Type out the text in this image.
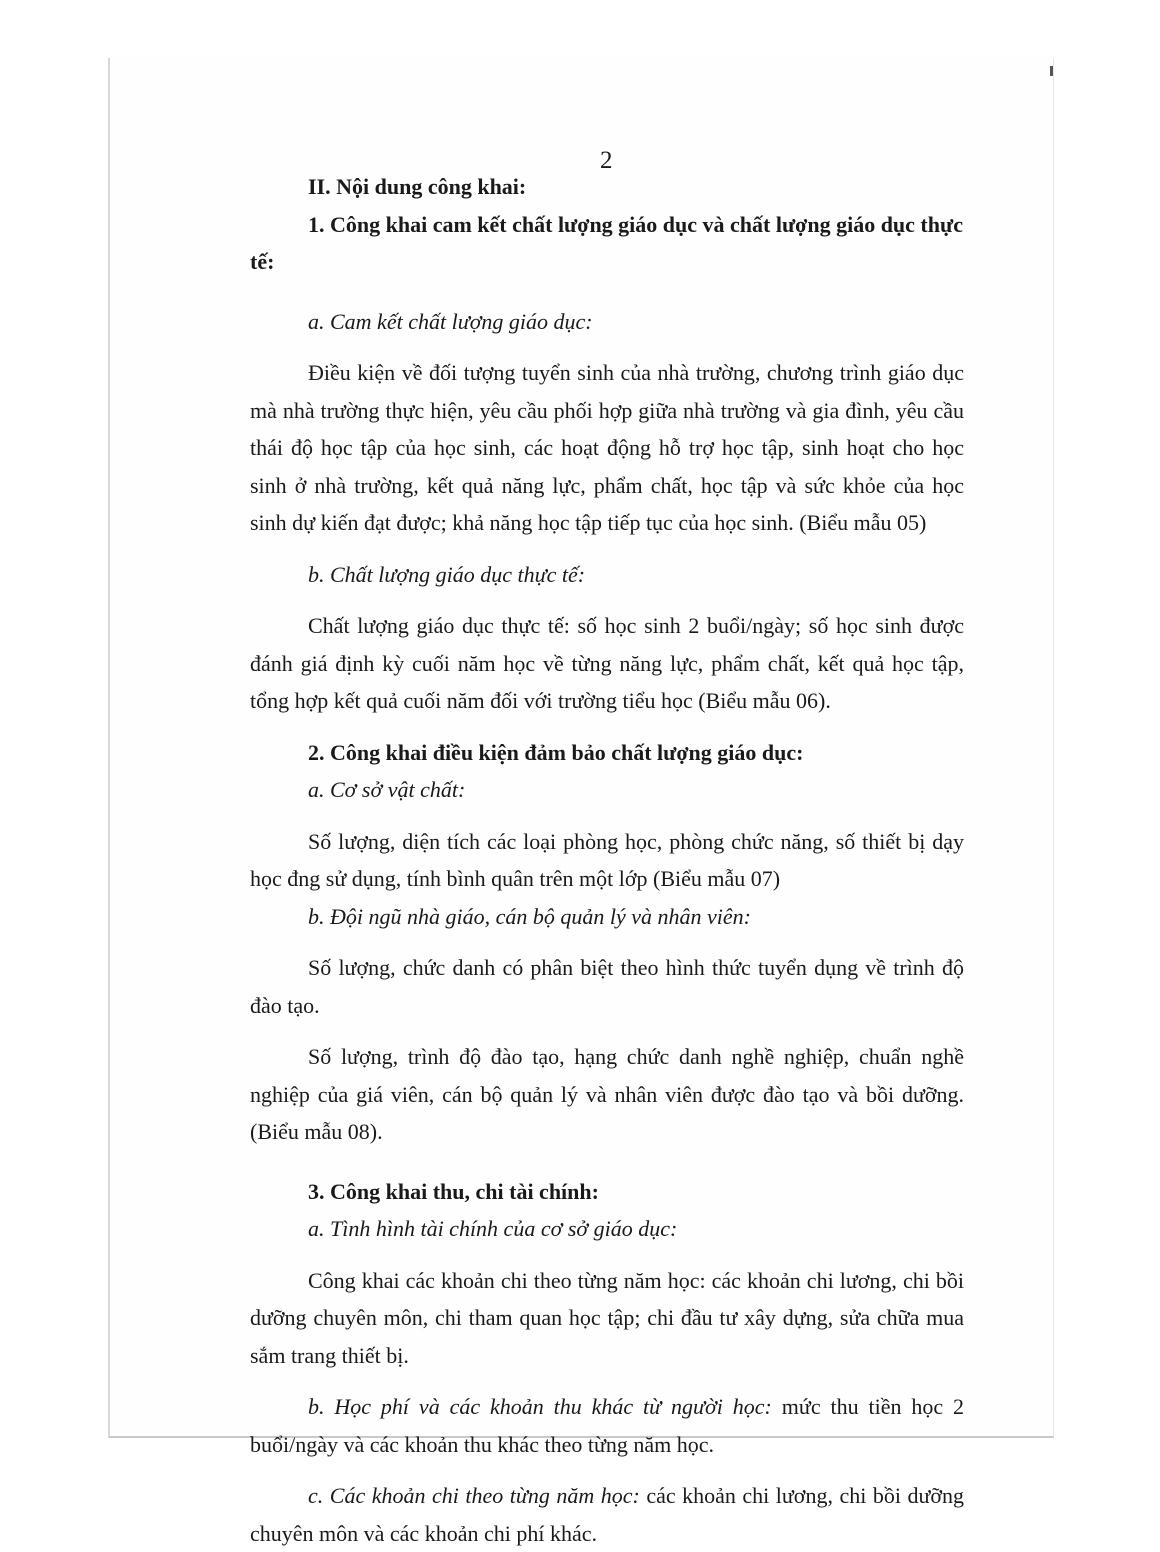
2

II. Nội dung công khai:

1. Công khai cam kết chất lượng giáo dục và chất lượng giáo dục thực tế:

a. Cam kết chất lượng giáo dục:

Điều kiện về đối tượng tuyển sinh của nhà trường, chương trình giáo dục mà nhà trường thực hiện, yêu cầu phối hợp giữa nhà trường và gia đình, yêu cầu thái độ học tập của học sinh, các hoạt động hỗ trợ học tập, sinh hoạt cho học sinh ở nhà trường, kết quả năng lực, phẩm chất, học tập và sức khỏe của học sinh dự kiến đạt được; khả năng học tập tiếp tục của học sinh. (Biểu mẫu 05)

b. Chất lượng giáo dục thực tế:

Chất lượng giáo dục thực tế: số học sinh 2 buổi/ngày; số học sinh được đánh giá định kỳ cuối năm học về từng năng lực, phẩm chất, kết quả học tập, tổng hợp kết quả cuối năm đối với trường tiểu học (Biểu mẫu 06).

2. Công khai điều kiện đảm bảo chất lượng giáo dục:

a. Cơ sở vật chất:

Số lượng, diện tích các loại phòng học, phòng chức năng, số thiết bị dạy học đng sử dụng, tính bình quân trên một lớp (Biểu mẫu 07)

b. Đội ngũ nhà giáo, cán bộ quản lý và nhân viên:

Số lượng, chức danh có phân biệt theo hình thức tuyển dụng về trình độ đào tạo.

Số lượng, trình độ đào tạo, hạng chức danh nghề nghiệp, chuẩn nghề nghiệp của giá viên, cán bộ quản lý và nhân viên được đào tạo và bồi dưỡng. (Biểu mẫu 08).

3. Công khai thu, chi tài chính:

a. Tình hình tài chính của cơ sở giáo dục:

Công khai các khoản chi theo từng năm học: các khoản chi lương, chi bồi dưỡng chuyên môn, chi tham quan học tập; chi đầu tư xây dựng, sửa chữa mua sắm trang thiết bị.

b. Học phí và các khoản thu khác từ người học: mức thu tiền học 2 buổi/ngày và các khoản thu khác theo từng năm học.

c. Các khoản chi theo từng năm học: các khoản chi lương, chi bồi dưỡng chuyên môn và các khoản chi phí khác.
